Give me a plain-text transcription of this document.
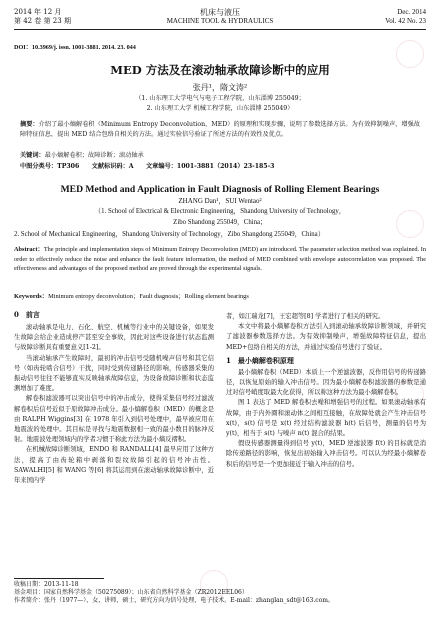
2014 年 12 月
第 42 卷 第 23 期
机床与液压
MACHINE TOOL & HYDRAULICS
Dec. 2014
Vol. 42 No. 23
DOI：10.3969/j. issn. 1001-3881. 2014. 23. 044
MED 方法及在滚动轴承故障诊断中的应用
张丹¹，隋文涛²
（1. 山东理工大学电气与电子工程学院，山东淄博 255049；
2. 山东理工大学 机械工程学院，山东淄博 255049）
摘要：介绍了最小熵解卷积（Minimum Entropy Deconvolution，MED）的原理和实现步骤，说明了参数选择方法。为有效抑制噪声，增强故障特征信息，提出 MED 结合包络自相关的方法。通过实验信号验证了所述方法的有效性及优点。
关键词：最小熵解卷积；故障诊断；滚动轴承
中图分类号：TP306　　文献标识码：A　　文章编号：1001-3881（2014）23-185-3
MED Method and Application in Fault Diagnosis of Rolling Element Bearings
ZHANG Dan¹，SUI Wentao²
（1. School of Electrical & Electronic Engineering，Shandong University of Technology，
Zibo Shandong 255049，China；
2. School of Mechanical Engineering，Shandong University of Technology，Zibo Shangdong 255049，China）
Abstract：The principle and implementation steps of Minimum Entropy Deconvolution (MED) are introduced. The parameter selection method was explained. In order to effectively reduce the noise and enhance the fault feature information, the method of MED combined with envelope autocorrelation was proposed. The effectiveness and advantages of the proposed method are proved through the experimental signals.
Keywords：Minimum entropy deconvolution；Fault diagnosis；Rolling element bearings
0　前言
滚动轴承是电力、石化、航空、机械等行业中的关键设备，如果发生故障会给企业造成停产甚至安全事故，因此对这些设备进行状态监测与故障诊断具有重要意义[1-2]。
当滚动轴承产生故障时，最初的冲击信号受随机噪声信号和其它信号（如齿轮啮合信号）干扰，同时受到传递路径的影响，传感器采集的振动信号往往不能够直实反映轴承故障信息，为设备故障诊断和状态监测增加了难度。
解卷积滤波器可以突出信号中的冲击成分，使得采集信号经过滤波解卷积后信号近似于原故障冲击成分。最小熵解卷积（MED）的概念是由 RALPH Wiggins[3] 在 1978 年引入到信号处理中，最早被应用在地震波的处理中。其目标是寻找与地震数据相一致的最小数目的脉冲反射。地震波处理领域内的学者习惯于称此方法为最小熵反褶积。
在机械故障诊断领域，ENDO 和 RANDALL[4] 最早应用了这种方法，提高了由齿轮箱中剥落和裂纹故障引起的信号冲击性。SAWALHI[5] 和 WANG 等[6] 将其运用到在滚动轴承故障诊断中，近年来国内学
者，如江瑞龙[7]，王宏超等[8] 学者进行了相关的研究。
本文中将最小熵解卷积方法引入到滚动轴承故障诊断领域，并研究了滤波器参数选择方法。为有效抑制噪声，增强故障特征信息，提出 MED+包络自相关的方法，并通过实验信号进行了验证。
1　最小熵解卷积原理
最小熵解卷积（MED）本质上一个逆滤波器，反作用信号的传递路径，以恢复原始的输入冲击信号。因为最小熵解卷积滤波器的参数是通过对信号峭度取最大化获得，所以称这种方法为最小熵解卷积。
图 1 表达了 MED 解卷积去噪和增强信号的过程。如果滚动轴承有故障，由于内外圈和滚动体之间相互接触，在故障处就会产生冲击信号 x(t)，s(t) 信号是 x(t) 经过结构滤波器 h(t) 后信号，测量的信号为 y(t)，相当于 s(t) 与噪声 n(t) 混合的结果。
假设传感器测量得到信号 y(t)，MED 逆滤波器 f(t) 的目标就是消除传递路径的影响，恢复出初始输入冲击信号。可以认为经最小熵解卷积后的信号是一个更加接近于输入冲击的信号。
收稿日期：2013-11-18
基金项目：国家自然科学基金（50275089）；山东省自然科学基金（ZR2012EEL06）
作者简介：张丹（1977—），女，讲师，硕士，研究方向为信号处理，电子技术。E-mail：zhanglan_sdt@163.com。
